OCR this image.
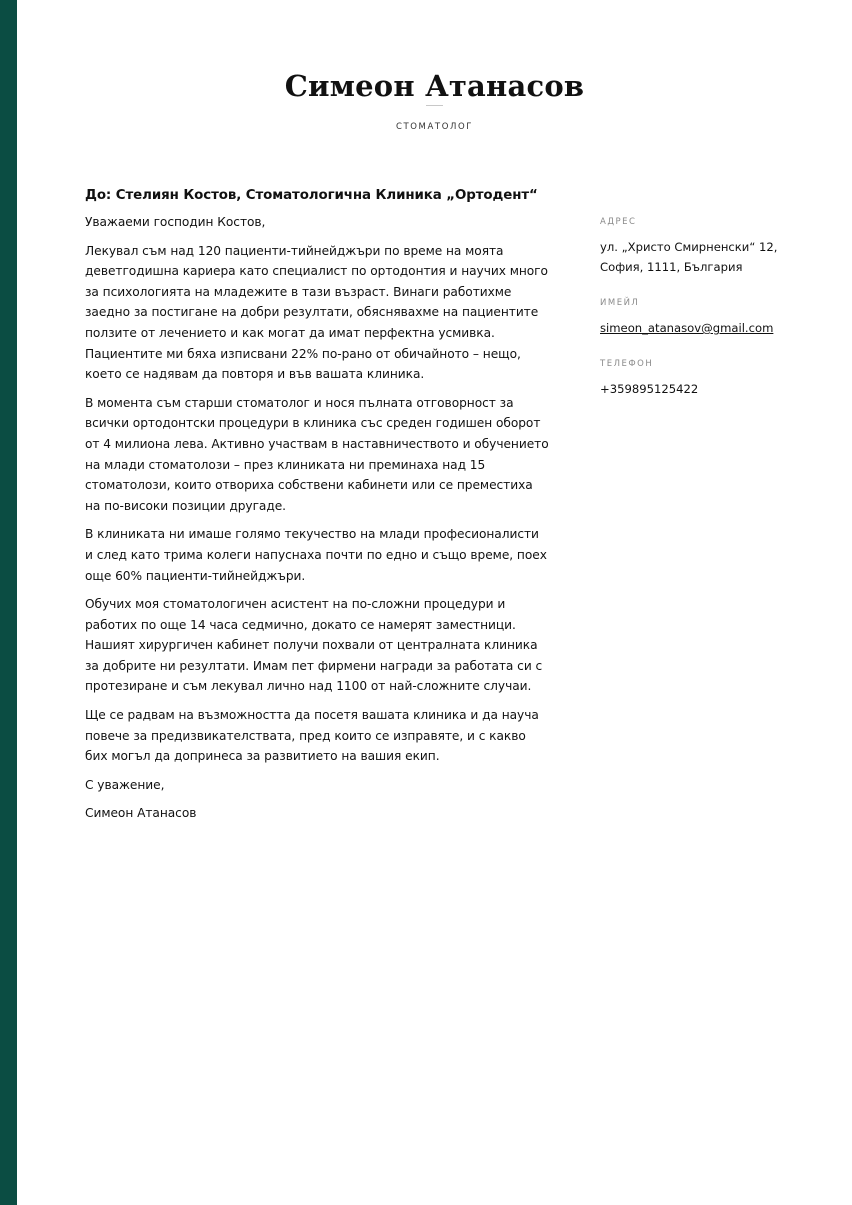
Симеон Атанасов
СТОМАТОЛОГ
До: Стелиян Костов, Стоматологична Клиника „Ортодент“

Уважаеми господин Костов,

Лекувал съм над 120 пациенти-тийнейджъри по време на моята деветгодишна кариера като специалист по ортодонтия и научих много за психологията на младежите в тази възраст. Винаги работихме заедно за постигане на добри резултати, обяснявахме на пациентите ползите от лечението и как могат да имат перфектна усмивка. Пациентите ми бяха изписвани 22% по-рано от обичайното – нещо, което се надявам да повторя и във вашата клиника.

В момента съм старши стоматолог и нося пълната отговорност за всички ортодонтски процедури в клиника със среден годишен оборот от 4 милиона лева. Активно участвам в наставничеството и обучението на млади стоматолози – през клиниката ни преминаха над 15 стоматолози, които отвориха собствени кабинети или се преместиха на по-високи позиции другаде.

В клиниката ни имаше голямо текучество на млади професионалисти и след като трима колеги напуснаха почти по едно и също време, поех още 60% пациенти-тийнейджъри.

Обучих моя стоматологичен асистент на по-сложни процедури и работих по още 14 часа седмично, докато се намерят заместници. Нашият хирургичен кабинет получи похвали от централната клиника за добрите ни резултати. Имам пет фирмени награди за работата си с протезиране и съм лекувал лично над 1100 от най-сложните случаи.

Ще се радвам на възможността да посетя вашата клиника и да науча повече за предизвикателствата, пред които се изправяте, и с какво бих могъл да допринеса за развитието на вашия екип.

С уважение,

Симеон Атанасов

АДРЕС
ул. „Христо Смирненски“ 12,
София, 1111, България
ИМЕЙЛ
simeon_atanasov@gmail.com
ТЕЛЕФОН
+359895125422
